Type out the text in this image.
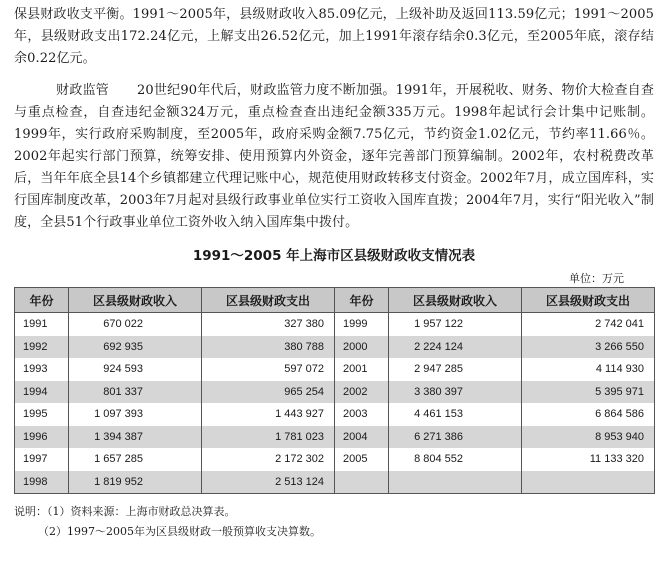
保县财政收支平衡。1991～2005年，县级财政收入85.09亿元，上级补助及返回113.59亿元；1991～2005年，县级财政支出172.24亿元，上解支出26.52亿元，加上1991年滚存结余0.3亿元，至2005年底，滚存结余0.22亿元。

财政监管 20世纪90年代后，财政监管力度不断加强。1991年，开展税收、财务、物价大检查自查与重点检查，自查违纪金额324万元，重点检查查出违纪金额335万元。1998年起试行会计集中记账制。1999年，实行政府采购制度，至2005年，政府采购金额7.75亿元，节约资金1.02亿元，节约率11.66％。2002年起实行部门预算，统筹安排、使用预算内外资金，逐年完善部门预算编制。2002年，农村税费改革后，当年年底全县14个乡镇都建立代理记账中心，规范使用财政转移支付资金。2002年7月，成立国库科，实行国库制度改革，2003年7月起对县级行政事业单位实行工资收入国库直拨；2004年7月，实行“阳光收入”制度，全县51个行政事业单位工资外收入纳入国库集中拨付。

1991～2005 年上海市区县级财政收支情况表
单位：万元
年份	区县级财政收入	区县级财政支出	年份	区县级财政收入	区县级财政支出
1991	670 022	327 380	1999	1 957 122	2 742 041
1992	692 935	380 788	2000	2 224 124	3 266 550
1993	924 593	597 072	2001	2 947 285	4 114 930
1994	801 337	965 254	2002	3 380 397	5 395 971
1995	1 097 393	1 443 927	2003	4 461 153	6 864 586
1996	1 394 387	1 781 023	2004	6 271 386	8 953 940
1997	1 657 285	2 172 302	2005	8 804 552	11 133 320
1998	1 819 952	2 513 124			
说明：（1）资料来源：上海市财政总决算表。
（2）1997～2005年为区县级财政一般预算收支决算数。
